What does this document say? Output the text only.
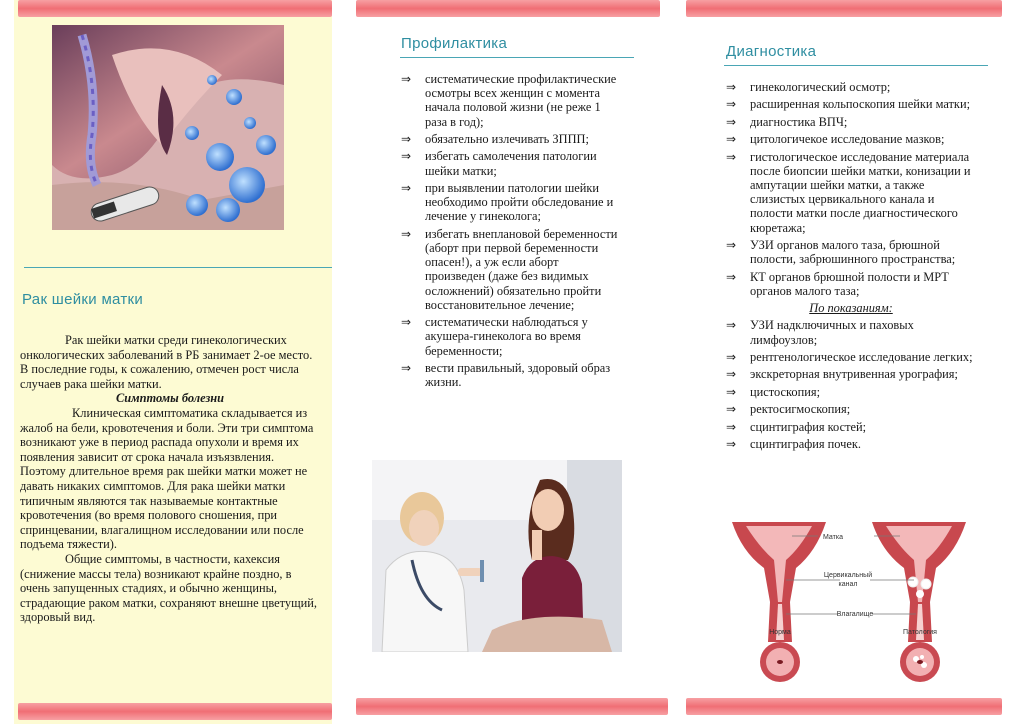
Рак шейки матки

Рак шейки матки среди гинекологических онкологических заболеваний в РБ занимает 2-ое место. В последние годы, к сожалению, отмечен рост числа случаев рака шейки матки.

Симптомы болезни

Клиническая симптоматика складывается из жалоб на бели, кровотечения и боли. Эти три симптома возникают уже в период распада опухоли и время их появления зависит от срока начала изъязвления. Поэтому длительное время рак шейки матки может не давать никаких симптомов. Для рака шейки матки типичным являются так называемые контактные кровотечения (во время полового сношения, при спринцевании, влагалищном исследовании или после подъема тяжести).

Общие симптомы, в частности, кахексия (снижение массы тела) возникают крайне поздно, в очень запущенных стадиях, и обычно женщины, страдающие раком матки, сохраняют внешне цветущий, здоровый вид.

Профилактика
⇒ систематические профилактические осмотры всех женщин с момента начала половой жизни (не реже 1 раза в год);
⇒ обязательно излечивать ЗППП;
⇒ избегать самолечения патологии шейки матки;
⇒ при выявлении патологии шейки необходимо пройти обследование и лечение у гинеколога;
⇒ избегать внеплановой беременности (аборт при первой беременности опасен!), а уж если аборт произведен (даже без видимых осложнений) обязательно пройти восстановительное лечение;
⇒ систематически наблюдаться у акушера-гинеколога во время беременности;
⇒ вести правильный, здоровый образ жизни.
Диагностика
⇒ гинекологический осмотр;
⇒ расширенная кольпоскопия шейки матки;
⇒ диагностика ВПЧ;
⇒ цитологичекое исследование мазков;
⇒ гистологическое исследование материала после биопсии шейки матки, конизации и ампутации шейки матки, а также слизистых цервикального канала и полости матки после диагностического кюретажа;
⇒ УЗИ органов малого таза, брюшной полости, забрюшинного пространства;
⇒ КТ органов брюшной полости и МРТ органов малого таза;

По показаниям:

⇒ УЗИ надключичных и паховых лимфоузлов;
⇒ рентгенологическое исследование легких;
⇒ экскреторная внутривенная урография;
⇒ цистоскопия;
⇒ ректосигмоскопия;
⇒ сцинтиграфия костей;
⇒ сцинтиграфия почек.
Матка
Цервикальный
канал
Влагалище
Норма	Патология
